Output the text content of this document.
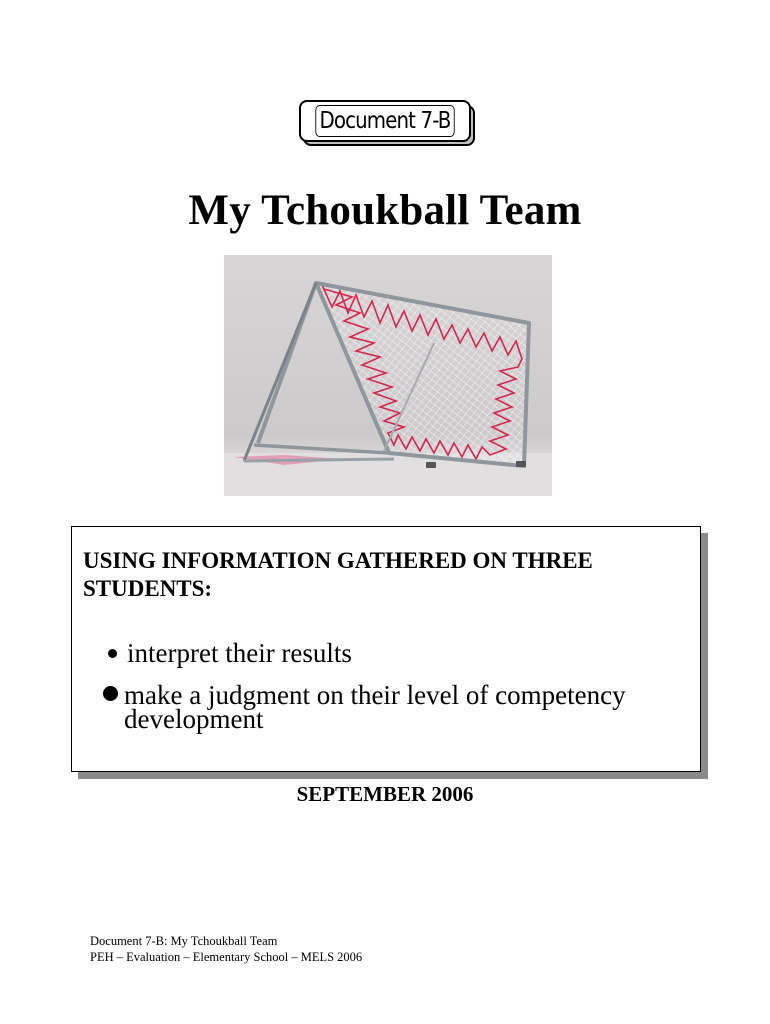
Document 7-B
My Tchoukball Team
USING INFORMATION GATHERED ON THREE STUDENTS:
interpret their results
make a judgment on their level of competency development
SEPTEMBER 2006
Document 7-B: My Tchoukball Team
PEH – Evaluation – Elementary School – MELS 2006
